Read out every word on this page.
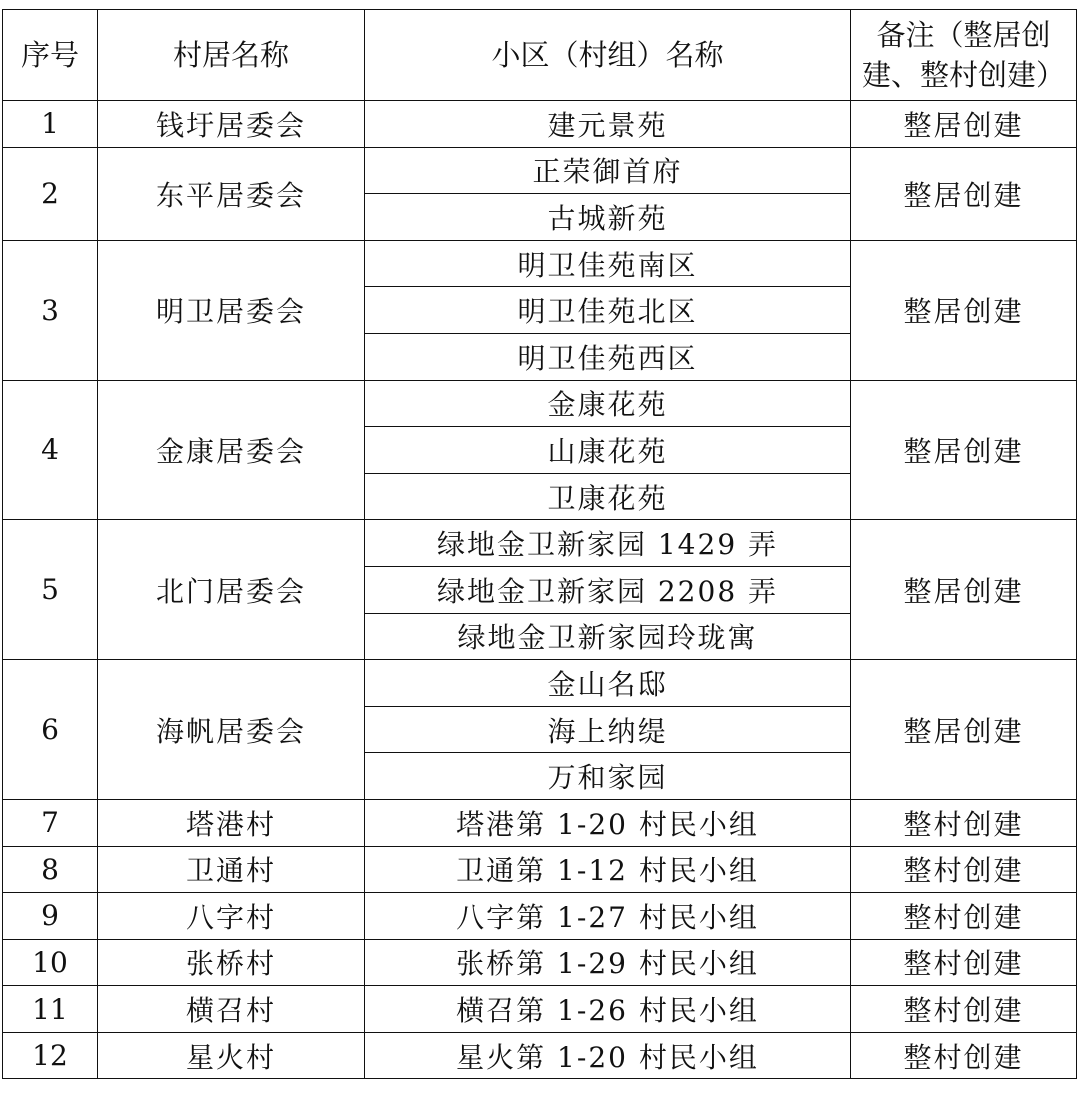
序号	村居名称	小区（村组）名称	备注（整居创建、整村创建）
1	钱圩居委会	建元景苑	整居创建
2	东平居委会	正荣御首府	整居创建
		古城新苑	
3	明卫居委会	明卫佳苑南区	整居创建
		明卫佳苑北区	
		明卫佳苑西区	
4	金康居委会	金康花苑	整居创建
		山康花苑	
		卫康花苑	
5	北门居委会	绿地金卫新家园 1429 弄	整居创建
		绿地金卫新家园 2208 弄	
		绿地金卫新家园玲珑寓	
6	海帆居委会	金山名邸	整居创建
		海上纳缇	
		万和家园	
7	塔港村	塔港第 1-20 村民小组	整村创建
8	卫通村	卫通第 1-12 村民小组	整村创建
9	八字村	八字第 1-27 村民小组	整村创建
10	张桥村	张桥第 1-29 村民小组	整村创建
11	横召村	横召第 1-26 村民小组	整村创建
12	星火村	星火第 1-20 村民小组	整村创建
